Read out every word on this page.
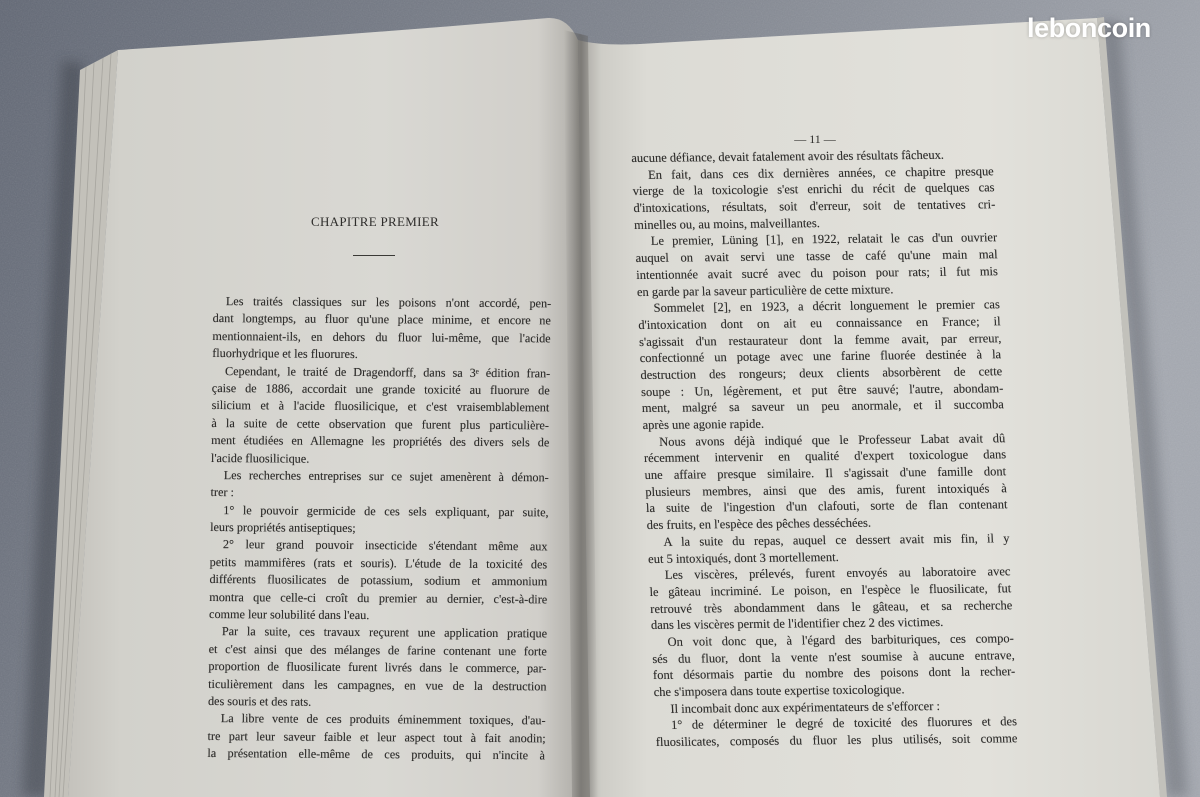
CHAPITRE PREMIER
Les traités classiques sur les poisons n'ont accordé, pen-
dant longtemps, au fluor qu'une place minime, et encore ne
mentionnaient-ils, en dehors du fluor lui-même, que l'acide
fluorhydrique et les fluorures.
Cependant, le traité de Dragendorff, dans sa 3ᵉ édition fran-
çaise de 1886, accordait une grande toxicité au fluorure de
silicium et à l'acide fluosilicique, et c'est vraisemblablement
à la suite de cette observation que furent plus particulière-
ment étudiées en Allemagne les propriétés des divers sels de
l'acide fluosilicique.
Les recherches entreprises sur ce sujet amenèrent à démon-
trer :
1° le pouvoir germicide de ces sels expliquant, par suite,
leurs propriétés antiseptiques;
2° leur grand pouvoir insecticide s'étendant même aux
petits mammifères (rats et souris). L'étude de la toxicité des
différents fluosilicates de potassium, sodium et ammonium
montra que celle-ci croît du premier au dernier, c'est-à-dire
comme leur solubilité dans l'eau.
Par la suite, ces travaux reçurent une application pratique
et c'est ainsi que des mélanges de farine contenant une forte
proportion de fluosilicate furent livrés dans le commerce, par-
ticulièrement dans les campagnes, en vue de la destruction
des souris et des rats.
La libre vente de ces produits éminemment toxiques, d'au-
tre part leur saveur faible et leur aspect tout à fait anodin;
la présentation elle-même de ces produits, qui n'incite à
— 11 —
aucune défiance, devait fatalement avoir des résultats fâcheux.
En fait, dans ces dix dernières années, ce chapitre presque
vierge de la toxicologie s'est enrichi du récit de quelques cas
d'intoxications, résultats, soit d'erreur, soit de tentatives cri-
minelles ou, au moins, malveillantes.
Le premier, Lüning [1], en 1922, relatait le cas d'un ouvrier
auquel on avait servi une tasse de café qu'une main mal
intentionnée avait sucré avec du poison pour rats; il fut mis
en garde par la saveur particulière de cette mixture.
Sommelet [2], en 1923, a décrit longuement le premier cas
d'intoxication dont on ait eu connaissance en France; il
s'agissait d'un restaurateur dont la femme avait, par erreur,
confectionné un potage avec une farine fluorée destinée à la
destruction des rongeurs; deux clients absorbèrent de cette
soupe : Un, légèrement, et put être sauvé; l'autre, abondam-
ment, malgré sa saveur un peu anormale, et il succomba
après une agonie rapide.
Nous avons déjà indiqué que le Professeur Labat avait dû
récemment intervenir en qualité d'expert toxicologue dans
une affaire presque similaire. Il s'agissait d'une famille dont
plusieurs membres, ainsi que des amis, furent intoxiqués à
la suite de l'ingestion d'un clafouti, sorte de flan contenant
des fruits, en l'espèce des pêches desséchées.
A la suite du repas, auquel ce dessert avait mis fin, il y
eut 5 intoxiqués, dont 3 mortellement.
Les viscères, prélevés, furent envoyés au laboratoire avec
le gâteau incriminé. Le poison, en l'espèce le fluosilicate, fut
retrouvé très abondamment dans le gâteau, et sa recherche
dans les viscères permit de l'identifier chez 2 des victimes.
On voit donc que, à l'égard des barbituriques, ces compo-
sés du fluor, dont la vente n'est soumise à aucune entrave,
font désormais partie du nombre des poisons dont la recher-
che s'imposera dans toute expertise toxicologique.
Il incombait donc aux expérimentateurs de s'efforcer :
1° de déterminer le degré de toxicité des fluorures et des
fluosilicates, composés du fluor les plus utilisés, soit comme
leboncoin
